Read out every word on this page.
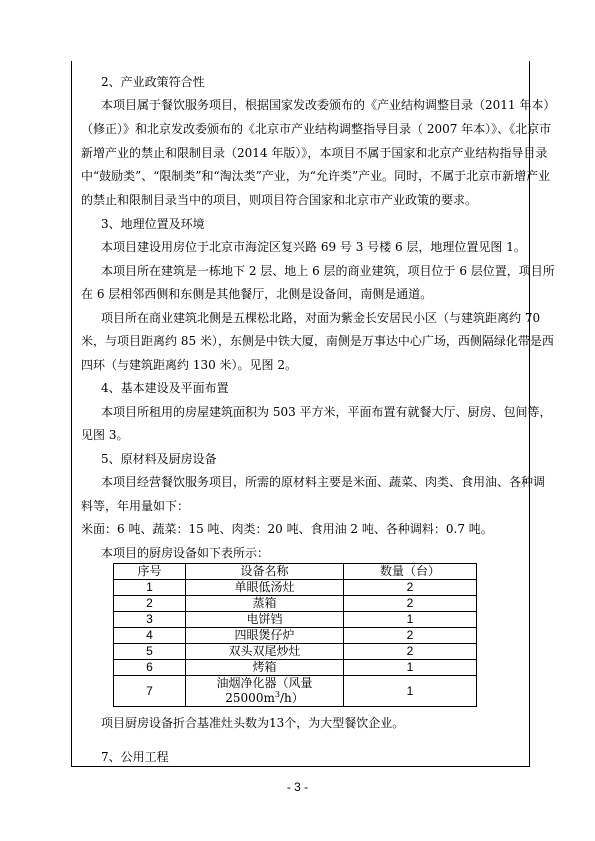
2、产业政策符合性
本项目属于餐饮服务项目，根据国家发改委颁布的《产业结构调整目录（2011 年本）
（修正）》和北京发改委颁布的《北京市产业结构调整指导目录（ 2007 年本）》、《北京市
新增产业的禁止和限制目录（2014 年版）》，本项目不属于国家和北京产业结构指导目录
中“鼓励类”、“限制类”和“淘汰类”产业，为“允许类”产业。同时，不属于北京市新增产业
的禁止和限制目录当中的项目，则项目符合国家和北京市产业政策的要求。
3、地理位置及环境
本项目建设用房位于北京市海淀区复兴路 69 号 3 号楼 6 层，地理位置见图 1。
本项目所在建筑是一栋地下 2 层、地上 6 层的商业建筑，项目位于 6 层位置，项目所
在 6 层相邻西侧和东侧是其他餐厅，北侧是设备间，南侧是通道。
项目所在商业建筑北侧是五棵松北路，对面为紫金长安居民小区（与建筑距离约 70
米，与项目距离约 85 米），东侧是中铁大厦，南侧是万事达中心广场，西侧隔绿化带是西
四环（与建筑距离约 130 米）。见图 2。
4、基本建设及平面布置
本项目所租用的房屋建筑面积为 503 平方米，平面布置有就餐大厅、厨房、包间等，
见图 3。
5、原材料及厨房设备
本项目经营餐饮服务项目，所需的原材料主要是米面、蔬菜、肉类、食用油、各种调
料等，年用量如下：
米面：6 吨、蔬菜：15 吨、肉类：20 吨、食用油 2 吨、各种调料：0.7 吨。
本项目的厨房设备如下表所示：
序号	设备名称	数量（台）
1	单眼低汤灶	2
2	蒸箱	2
3	电饼铛	1
4	四眼煲仔炉	2
5	双头双尾炒灶	2
6	烤箱	1
7	油烟净化器（风量 $25000m^3/h$）	1
项目厨房设备折合基准灶头数为13个，为大型餐饮企业。
7、公用工程
- 3 -
